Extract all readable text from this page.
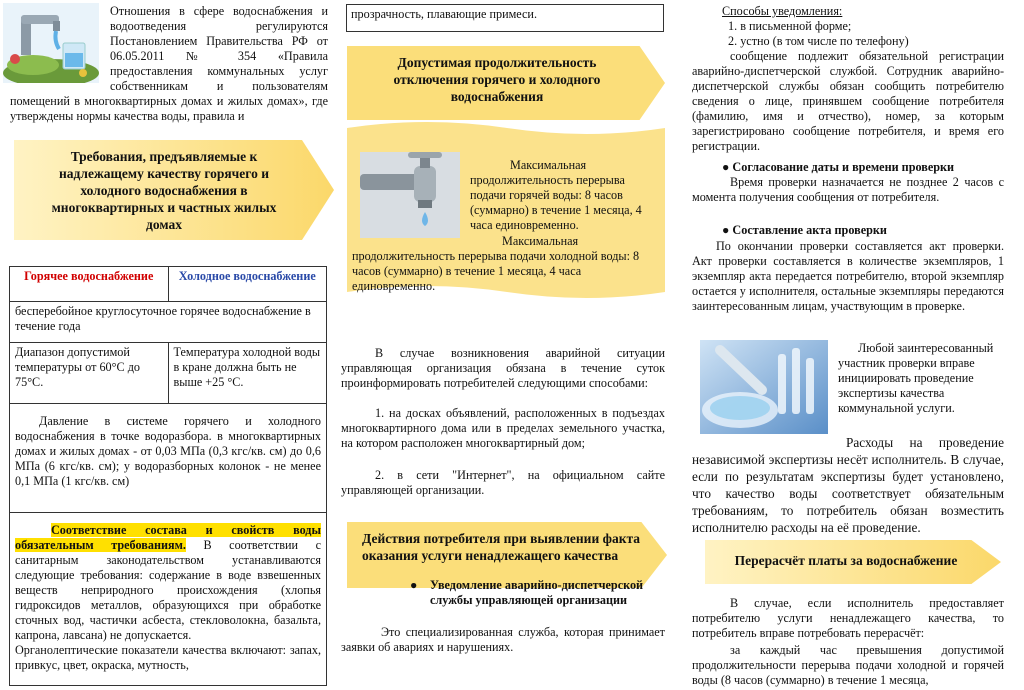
Отношения в сфере водоснабжения и водоотведения регулируются Постановлением Правительства РФ от 06.05.2011 № 354 «Правила предоставления коммунальных услуг собственникам и пользователям помещений в многоквартирных домах и жилых домах», где утверждены нормы качества воды, правила и
Требования, предъявляемые к надлежащему качеству горячего и холодного водоснабжения в многоквартирных и частных жилых домах
Горячее водоснабжение	Холодное водоснабжение
бесперебойное круглосуточное горячее водоснабжение в течение года	
Диапазон допустимой температуры от 60°C до 75°C.	Температура холодной воды в кране должна быть не выше +25 °C.
Давление в системе горячего и холодного водоснабжения в точке водоразбора. в многоквартирных домах и жилых домах - от 0,03 МПа (0,3 кгс/кв. см) до 0,6 МПа (6 кгс/кв. см); у водоразборных колонок - не менее 0,1 МПа (1 кгс/кв. см)	
Соответствие состава и свойств воды обязательным требованиям. В соответствии с санитарным законодательством устанавливаются следующие требования: содержание в воде взвешенных веществ неприродного происхождения (хлопья гидроксидов металлов, образующихся при обработке сточных вод, частички асбеста, стекловолокна, базальта, капрона, лавсана) не допускается.
Органолептические показатели качества включают: запах, привкус, цвет, окраска, мутность,	
прозрачность, плавающие примеси.
Допустимая продолжительность отключения горячего и холодного водоснабжения
Максимальная продолжительность перерыва подачи горячей воды: 8 часов (суммарно) в течение 1 месяца, 4 часа единовременно.
Максимальная продолжительность перерыва подачи холодной воды: 8 часов (суммарно) в течение 1 месяца, 4 часа единовременно.
В случае возникновения аварийной ситуации управляющая организация обязана в течение суток проинформировать потребителей следующими способами:
1. на досках объявлений, расположенных в подъездах многоквартирного дома или в пределах земельного участка, на котором расположен многоквартирный дом;
2. в сети "Интернет", на официальном сайте управляющей организации.
Действия потребителя при выявлении факта оказания услуги ненадлежащего качества
● Уведомление аварийно-диспетчерской службы управляющей организации
Это специализированная служба, которая принимает заявки об авариях и нарушениях.
Способы уведомления:
1. в письменной форме;
2. устно (в том числе по телефону)
сообщение подлежит обязательной регистрации аварийно-диспетчерской службой. Сотрудник аварийно-диспетчерской службы обязан сообщить потребителю сведения о лице, принявшем сообщение потребителя (фамилию, имя и отчество), номер, за которым зарегистрировано сообщение потребителя, и время его регистрации.
● Согласование даты и времени проверки
Время проверки назначается не позднее 2 часов с момента получения сообщения от потребителя.
● Составление акта проверки
По окончании проверки составляется акт проверки. Акт проверки составляется в количестве экземпляров, 1 экземпляр акта передается потребителю, второй экземпляр остается у исполнителя, остальные экземпляры передаются заинтересованным лицам, участвующим в проверке.
Любой заинтересованный участник проверки вправе инициировать проведение экспертизы качества коммунальной услуги.
Расходы на проведение независимой экспертизы несёт исполнитель. В случае, если по результатам экспертизы будет установлено, что качество воды соответствует обязательным требованиям, то потребитель обязан возместить исполнителю расходы на её проведение.
Перерасчёт платы за водоснабжение
В случае, если исполнитель предоставляет потребителю услуги ненадлежащего качества, то потребитель вправе потребовать перерасчёт:
за каждый час превышения допустимой продолжительности перерыва подачи холодной и горячей воды (8 часов (суммарно) в течение 1 месяца,
